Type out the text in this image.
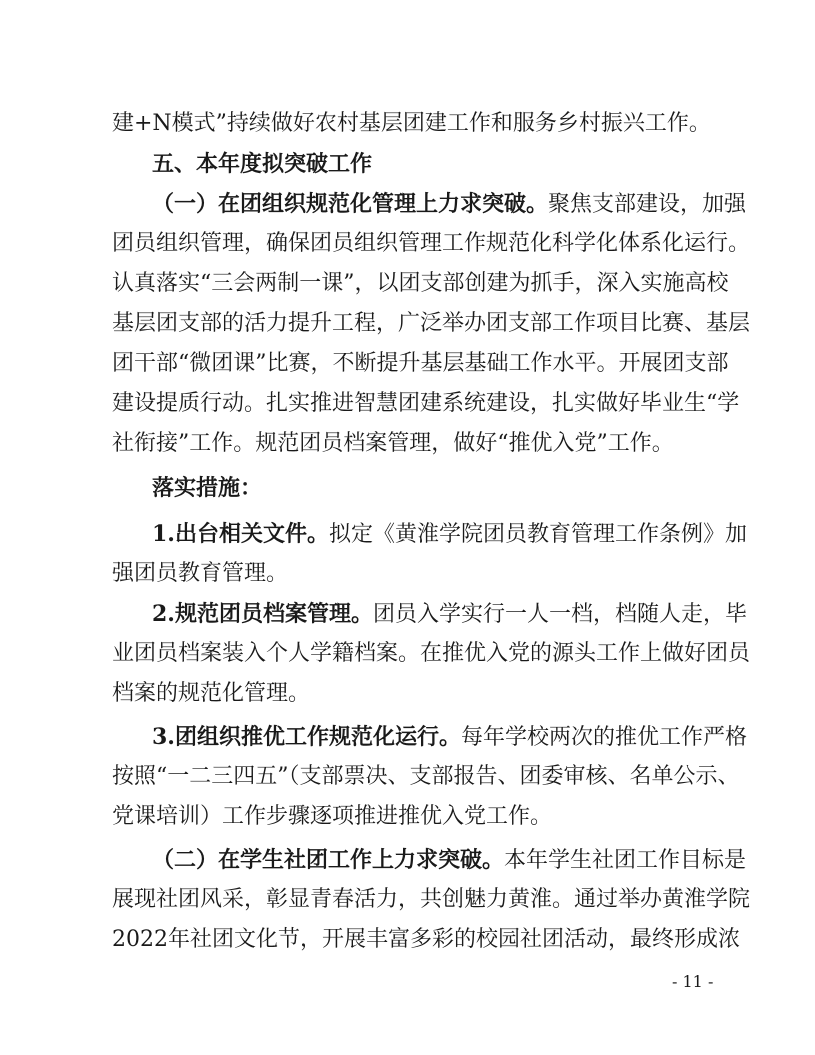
建+N模式”持续做好农村基层团建工作和服务乡村振兴工作。
五、本年度拟突破工作
（一）在团组织规范化管理上力求突破。聚焦支部建设，加强
团员组织管理，确保团员组织管理工作规范化科学化体系化运行。
认真落实“三会两制一课”，以团支部创建为抓手，深入实施高校
基层团支部的活力提升工程，广泛举办团支部工作项目比赛、基层
团干部“微团课”比赛，不断提升基层基础工作水平。开展团支部
建设提质行动。扎实推进智慧团建系统建设，扎实做好毕业生“学
社衔接”工作。规范团员档案管理，做好“推优入党”工作。
落实措施：
1.出台相关文件。拟定《黄淮学院团员教育管理工作条例》加
强团员教育管理。
2.规范团员档案管理。团员入学实行一人一档，档随人走，毕
业团员档案装入个人学籍档案。在推优入党的源头工作上做好团员
档案的规范化管理。
3.团组织推优工作规范化运行。每年学校两次的推优工作严格
按照“一二三四五”（支部票决、支部报告、团委审核、名单公示、
党课培训）工作步骤逐项推进推优入党工作。
（二）在学生社团工作上力求突破。本年学生社团工作目标是
展现社团风采，彰显青春活力，共创魅力黄淮。通过举办黄淮学院
2022年社团文化节，开展丰富多彩的校园社团活动，最终形成浓
- 11 -
